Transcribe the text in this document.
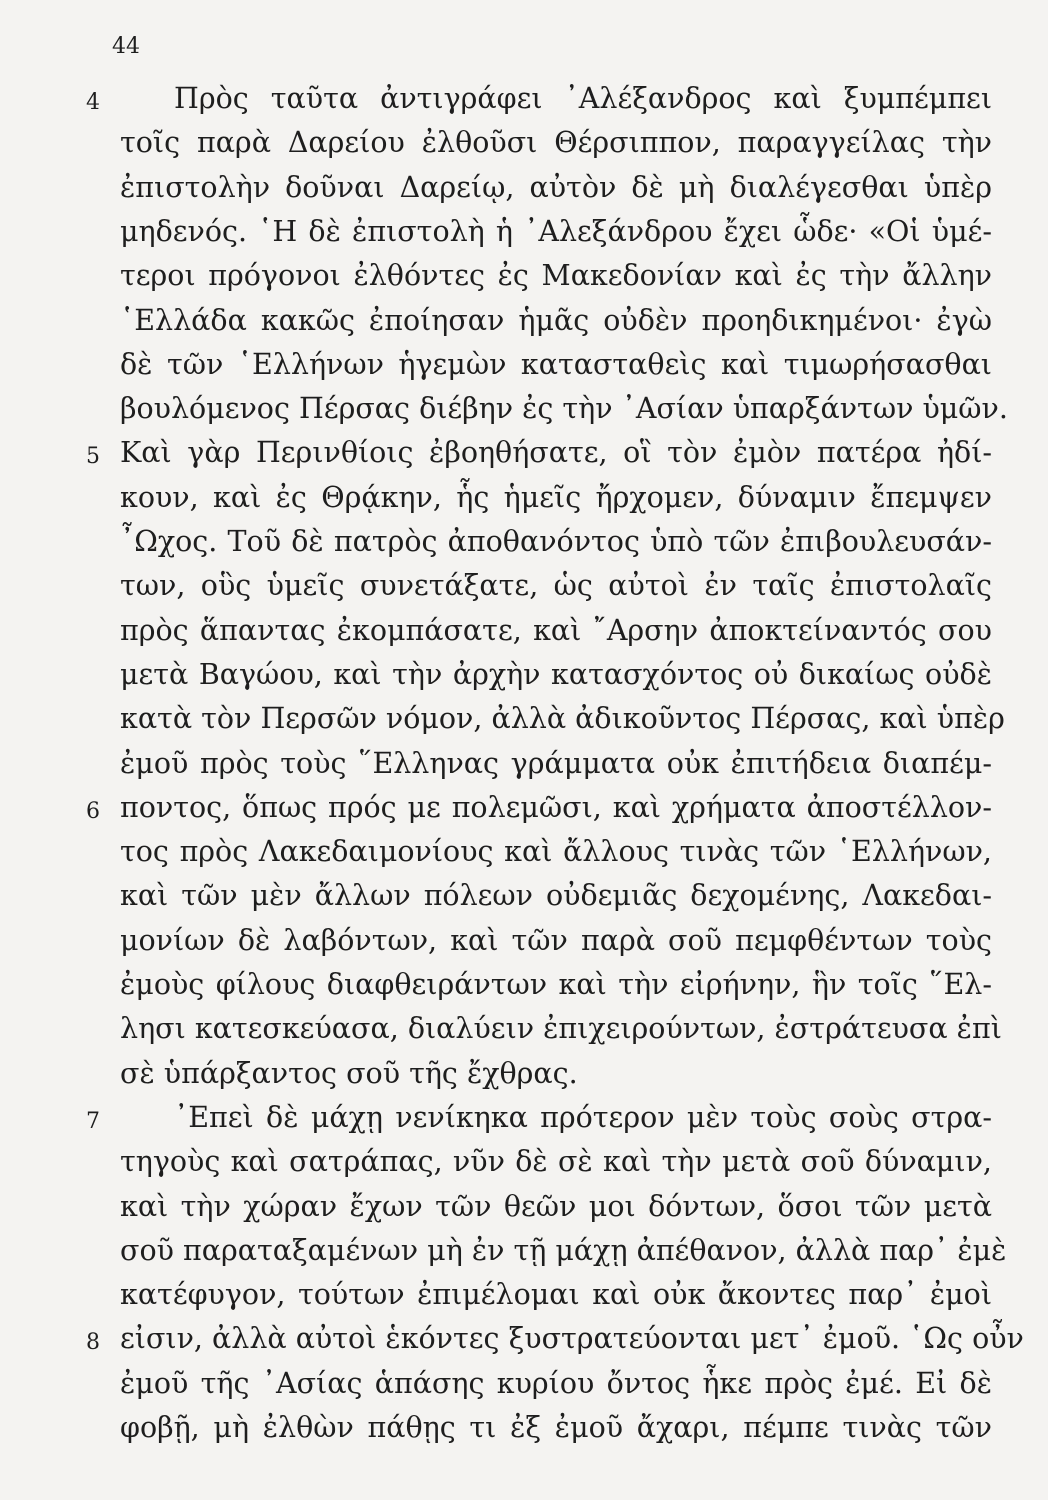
44
4
5
6
7
8
Πρὸς ταῦτα ἀντιγράφει ᾿Αλέξανδρος καὶ ξυμπέμπει
τοῖς παρὰ Δαρείου ἐλθοῦσι Θέρσιππον, παραγγείλας τὴν
ἐπιστολὴν δοῦναι Δαρείῳ, αὐτὸν δὲ μὴ διαλέγεσθαι ὑπὲρ
μηδενός. ῾Η δὲ ἐπιστολὴ ἡ ᾿Αλεξάνδρου ἔχει ὧδε· «Οἱ ὑμέ-
τεροι πρόγονοι ἐλθόντες ἐς Μακεδονίαν καὶ ἐς τὴν ἄλλην
῾Ελλάδα κακῶς ἐποίησαν ἡμᾶς οὐδὲν προηδικημένοι· ἐγὼ
δὲ τῶν ῾Ελλήνων ἡγεμὼν κατασταθεὶς καὶ τιμωρήσασθαι
βουλόμενος Πέρσας διέβην ἐς τὴν ᾿Ασίαν ὑπαρξάντων ὑμῶν.
Καὶ γὰρ Περινθίοις ἐβοηθήσατε, οἳ τὸν ἐμὸν πατέρα ἠδί-
κουν, καὶ ἐς Θρᾴκην, ἧς ἡμεῖς ἤρχομεν, δύναμιν ἔπεμψεν
῏Ωχος. Τοῦ δὲ πατρὸς ἀποθανόντος ὑπὸ τῶν ἐπιβουλευσάν-
των, οὓς ὑμεῖς συνετάξατε, ὡς αὐτοὶ ἐν ταῖς ἐπιστολαῖς
πρὸς ἅπαντας ἐκομπάσατε, καὶ ῎Αρσην ἀποκτείναντός σου
μετὰ Βαγώου, καὶ τὴν ἀρχὴν κατασχόντος οὐ δικαίως οὐδὲ
κατὰ τὸν Περσῶν νόμον, ἀλλὰ ἀδικοῦντος Πέρσας, καὶ ὑπὲρ
ἐμοῦ πρὸς τοὺς ῞Ελληνας γράμματα οὐκ ἐπιτήδεια διαπέμ-
ποντος, ὅπως πρός με πολεμῶσι, καὶ χρήματα ἀποστέλλον-
τος πρὸς Λακεδαιμονίους καὶ ἄλλους τινὰς τῶν ῾Ελλήνων,
καὶ τῶν μὲν ἄλλων πόλεων οὐδεμιᾶς δεχομένης, Λακεδαι-
μονίων δὲ λαβόντων, καὶ τῶν παρὰ σοῦ πεμφθέντων τοὺς
ἐμοὺς φίλους διαφθειράντων καὶ τὴν εἰρήνην, ἣν τοῖς ῞Ελ-
λησι κατεσκεύασα, διαλύειν ἐπιχειρούντων, ἐστράτευσα ἐπὶ
σὲ ὑπάρξαντος σοῦ τῆς ἔχθρας.
᾿Επεὶ δὲ μάχῃ νενίκηκα πρότερον μὲν τοὺς σοὺς στρα-
τηγοὺς καὶ σατράπας, νῦν δὲ σὲ καὶ τὴν μετὰ σοῦ δύναμιν,
καὶ τὴν χώραν ἔχων τῶν θεῶν μοι δόντων, ὅσοι τῶν μετὰ
σοῦ παραταξαμένων μὴ ἐν τῇ μάχῃ ἀπέθανον, ἀλλὰ παρ᾿ ἐμὲ
κατέφυγον, τούτων ἐπιμέλομαι καὶ οὐκ ἄκοντες παρ᾿ ἐμοὶ
εἰσιν, ἀλλὰ αὐτοὶ ἑκόντες ξυστρατεύονται μετ᾿ ἐμοῦ. ῾Ως οὖν
ἐμοῦ τῆς ᾿Ασίας ἁπάσης κυρίου ὄντος ἧκε πρὸς ἐμέ. Εἰ δὲ
φοβῇ, μὴ ἐλθὼν πάθῃς τι ἐξ ἐμοῦ ἄχαρι, πέμπε τινὰς τῶν
